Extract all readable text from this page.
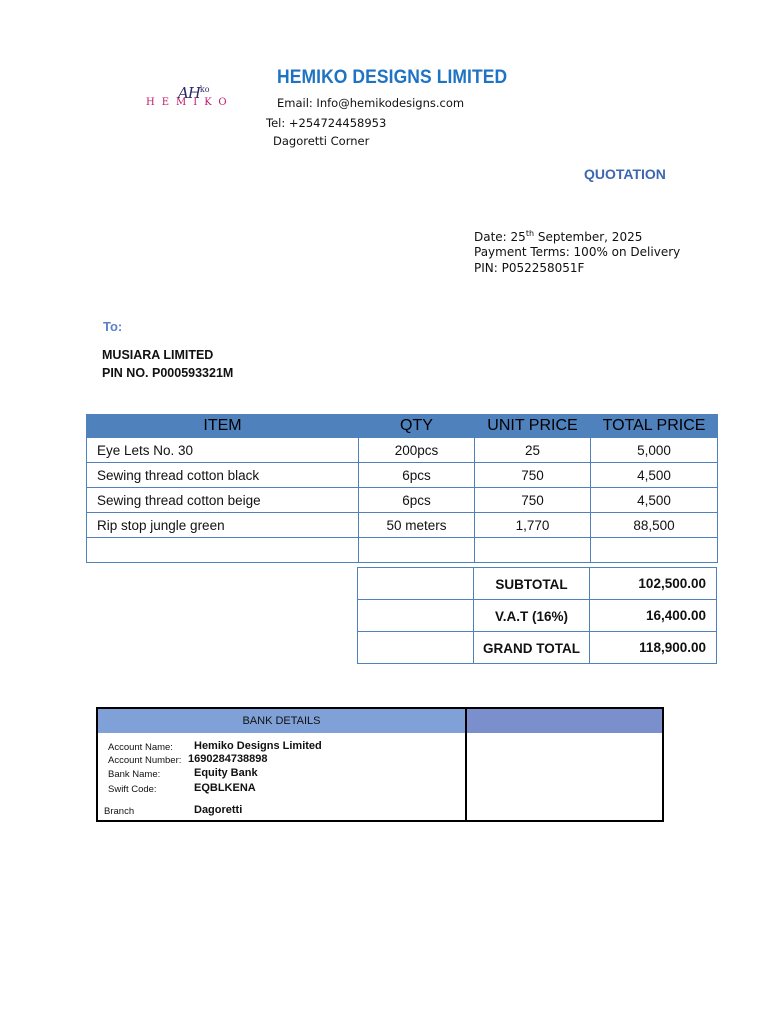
$AH^{ko}$
HEMIKO
HEMIKO DESIGNS LIMITED
Email: Info@hemikodesigns.com
Tel: +254724458953
Dagoretti Corner
QUOTATION
Date: 25th September, 2025
Payment Terms: 100% on Delivery
PIN: P052258051F
To:
MUSIARA LIMITED
PIN NO. P000593321M
ITEM	QTY	UNIT PRICE	TOTAL PRICE
Eye Lets No. 30	200pcs	25	5,000
Sewing thread cotton black	6pcs	750	4,500
Sewing thread cotton beige	6pcs	750	4,500
Rip stop jungle green	50 meters	1,770	88,500

	SUBTOTAL	102,500.00
	V.A.T (16%)	16,400.00
	GRAND TOTAL	118,900.00
BANK DETAILS
Account Name: Hemiko Designs Limited
Account Number: 1690284738898
Bank Name:	Equity Bank
Swift Code:	EQBLKENA
Branch	Dagoretti
